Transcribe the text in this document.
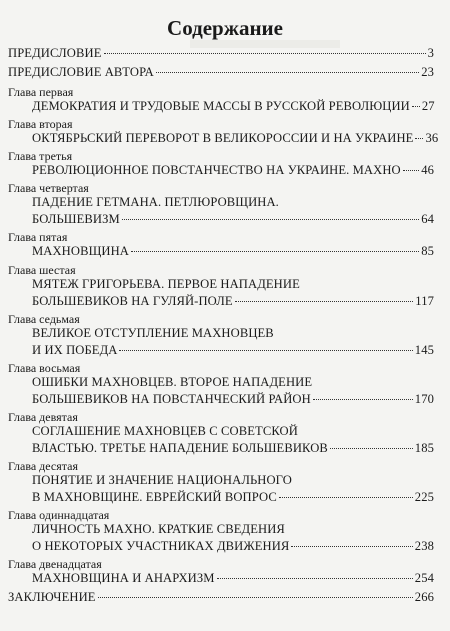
Содержание
ПРЕДИСЛОВИЕ	3
ПРЕДИСЛОВИЕ АВТОРА	23
Глава первая
ДЕМОКРАТИЯ И ТРУДОВЫЕ МАССЫ В РУССКОЙ РЕВОЛЮЦИИ 27
Глава вторая
ОКТЯБРЬСКИЙ ПЕРЕВОРОТ В ВЕЛИКОРОССИИ И НА УКРАИНЕ 36
Глава третья
РЕВОЛЮЦИОННОЕ ПОВСТАНЧЕСТВО НА УКРАИНЕ. МАХНО 46
Глава четвертая
ПАДЕНИЕ ГЕТМАНА. ПЕТЛЮРОВЩИНА.
БОЛЬШЕВИЗМ	64
Глава пятая
МАХНОВЩИНА	85
Глава шестая
МЯТЕЖ ГРИГОРЬЕВА. ПЕРВОЕ НАПАДЕНИЕ
БОЛЬШЕВИКОВ НА ГУЛЯЙ-ПОЛЕ	117
Глава седьмая
ВЕЛИКОЕ ОТСТУПЛЕНИЕ МАХНОВЦЕВ
И ИХ ПОБЕДА	145
Глава восьмая
ОШИБКИ МАХНОВЦЕВ. ВТОРОЕ НАПАДЕНИЕ
БОЛЬШЕВИКОВ НА ПОВСТАНЧЕСКИЙ РАЙОН	170
Глава девятая
СОГЛАШЕНИЕ МАХНОВЦЕВ С СОВЕТСКОЙ
ВЛАСТЬЮ. ТРЕТЬЕ НАПАДЕНИЕ БОЛЬШЕВИКОВ	185
Глава десятая
ПОНЯТИЕ И ЗНАЧЕНИЕ НАЦИОНАЛЬНОГО
В МАХНОВЩИНЕ. ЕВРЕЙСКИЙ ВОПРОС	225
Глава одиннадцатая
ЛИЧНОСТЬ МАХНО. КРАТКИЕ СВЕДЕНИЯ
О НЕКОТОРЫХ УЧАСТНИКАХ ДВИЖЕНИЯ	238
Глава двенадцатая
МАХНОВЩИНА И АНАРХИЗМ	254
ЗАКЛЮЧЕНИЕ	266
